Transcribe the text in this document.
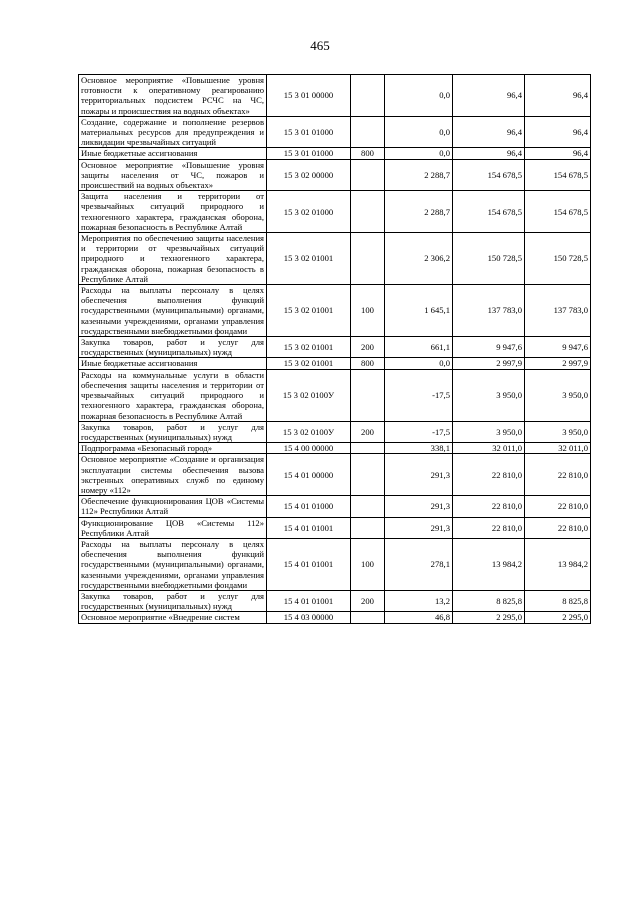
465
Основное мероприятие «Повышение уровня готовности к оперативному реагированию территориальных подсистем РСЧС на ЧС, пожары и происшествия на водных объектах»	15 3 01 00000		0,0	96,4	96,4
Создание, содержание и пополнение резервов материальных ресурсов для предупреждения и ликвидации чрезвычайных ситуаций	15 3 01 01000		0,0	96,4	96,4
Иные бюджетные ассигнования	15 3 01 01000	800	0,0	96,4	96,4
Основное мероприятие «Повышение уровня защиты населения от ЧС, пожаров и происшествий на водных объектах»	15 3 02 00000		2 288,7	154 678,5	154 678,5
Защита населения и территории от чрезвычайных ситуаций природного и техногенного характера, гражданская оборона, пожарная безопасность в Республике Алтай	15 3 02 01000		2 288,7	154 678,5	154 678,5
Мероприятия по обеспечению защиты населения и территории от чрезвычайных ситуаций природного и техногенного характера, гражданская оборона, пожарная безопасность в Республике Алтай	15 3 02 01001		2 306,2	150 728,5	150 728,5
Расходы на выплаты персоналу в целях обеспечения выполнения функций государственными (муниципальными) органами, казенными учреждениями, органами управления государственными внебюджетными фондами	15 3 02 01001	100	1 645,1	137 783,0	137 783,0
Закупка товаров, работ и услуг для государственных (муниципальных) нужд	15 3 02 01001	200	661,1	9 947,6	9 947,6
Иные бюджетные ассигнования	15 3 02 01001	800	0,0	2 997,9	2 997,9
Расходы на коммунальные услуги в области обеспечения защиты населения и территории от чрезвычайных ситуаций природного и техногенного характера, гражданская оборона, пожарная безопасность в Республике Алтай	15 3 02 0100У		-17,5	3 950,0	3 950,0
Закупка товаров, работ и услуг для государственных (муниципальных) нужд	15 3 02 0100У	200	-17,5	3 950,0	3 950,0
Подпрограмма «Безопасный город»	15 4 00 00000		338,1	32 011,0	32 011,0
Основное мероприятие «Создание и организация эксплуатации системы обеспечения вызова экстренных оперативных служб по единому номеру «112»	15 4 01 00000		291,3	22 810,0	22 810,0
Обеспечение функционирования ЦОВ «Системы 112» Республики Алтай	15 4 01 01000		291,3	22 810,0	22 810,0
Функционирование ЦОВ «Системы 112» Республики Алтай	15 4 01 01001		291,3	22 810,0	22 810,0
Расходы на выплаты персоналу в целях обеспечения выполнения функций государственными (муниципальными) органами, казенными учреждениями, органами управления государственными внебюджетными фондами	15 4 01 01001	100	278,1	13 984,2	13 984,2
Закупка товаров, работ и услуг для государственных (муниципальных) нужд	15 4 01 01001	200	13,2	8 825,8	8 825,8
Основное мероприятие «Внедрение систем	15 4 03 00000		46,8	2 295,0	2 295,0
